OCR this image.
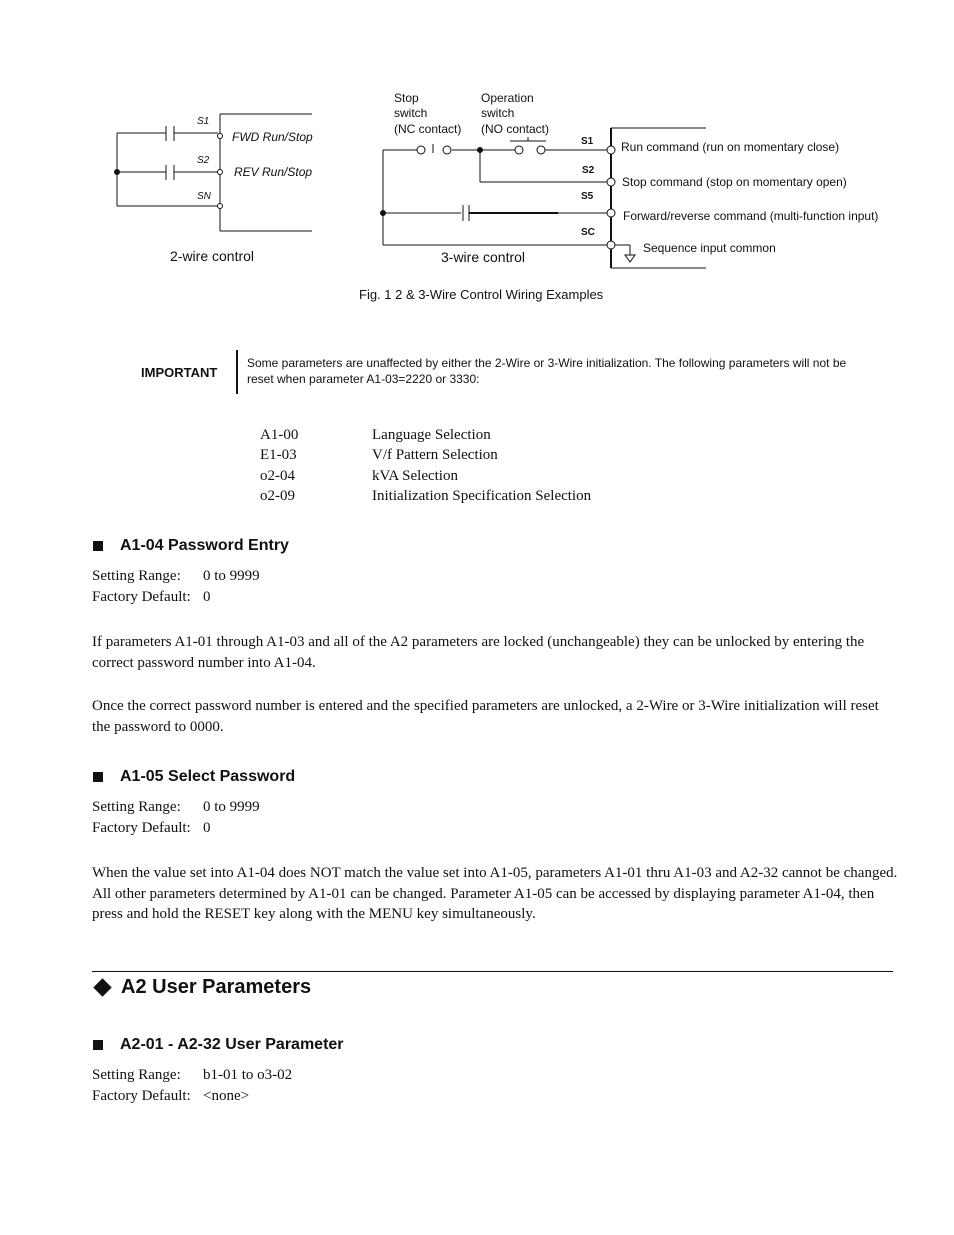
S1
S2
SN
FWD Run/Stop
REV Run/Stop
2-wire control
Stop
switch
(NC contact)
Operation
switch
(NO contact)
S1
S2
S5
SC
Run command (run on momentary close)
Stop command (stop on momentary open)
Forward/reverse command (multi-function input)
Sequence input common
3-wire control
Fig. 1 2 & 3-Wire Control Wiring Examples
IMPORTANT
Some parameters are unaffected by either the 2-Wire or 3-Wire initialization. The following parameters will not be reset when parameter A1-03=2220 or 3330:
A1-00	Language Selection
E1-03	V/f Pattern Selection
o2-04	kVA Selection
o2-09	Initialization Specification Selection
A1-04 Password Entry
Setting Range: 0 to 9999
Factory Default: 0
If parameters A1-01 through A1-03 and all of the A2 parameters are locked (unchangeable) they can be unlocked by entering the correct password number into A1-04.
Once the correct password number is entered and the specified parameters are unlocked, a 2-Wire or 3-Wire initialization will reset the password to 0000.
A1-05 Select Password
Setting Range: 0 to 9999
Factory Default: 0
When the value set into A1-04 does NOT match the value set into A1-05, parameters A1-01 thru A1-03 and A2-32 cannot be changed. All other parameters determined by A1-01 can be changed. Parameter A1-05 can be accessed by displaying parameter A1-04, then press and hold the RESET key along with the MENU key simultaneously.
A2 User Parameters
A2-01 - A2-32 User Parameter
Setting Range: b1-01 to o3-02
Factory Default: <none>
